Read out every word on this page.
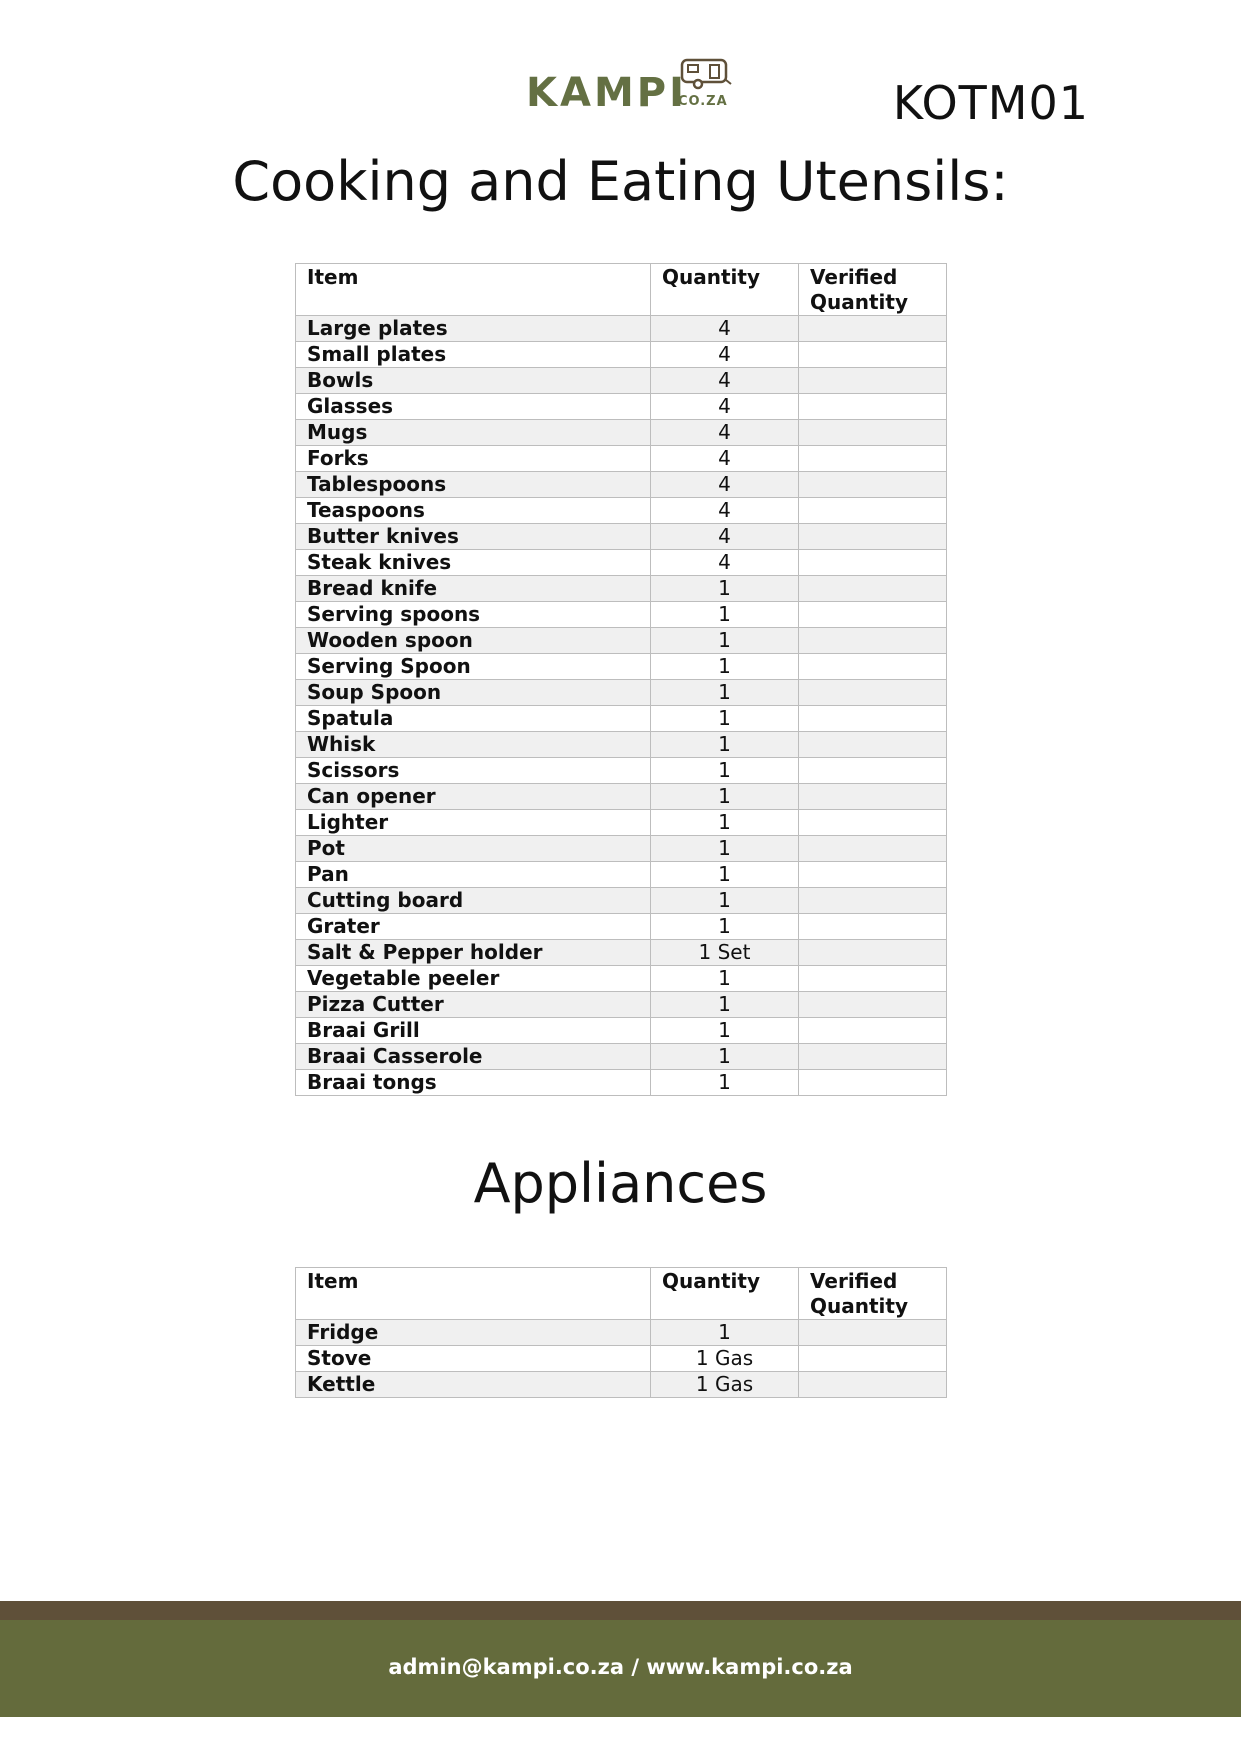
KAMPI
.CO.ZA	KOTM01
Cooking and Eating Utensils:
Item	Quantity	Verified Quantity
Large plates	4	
Small plates	4	
Bowls	4	
Glasses	4	
Mugs	4	
Forks	4	
Tablespoons	4	
Teaspoons	4	
Butter knives	4	
Steak knives	4	
Bread knife	1	
Serving spoons	1	
Wooden spoon	1	
Serving Spoon	1	
Soup Spoon	1	
Spatula	1	
Whisk	1	
Scissors	1	
Can opener	1	
Lighter	1	
Pot	1	
Pan	1	
Cutting board	1	
Grater	1	
Salt & Pepper holder	1 Set	
Vegetable peeler	1	
Pizza Cutter	1	
Braai Grill	1	
Braai Casserole	1	
Braai tongs	1	
Appliances
Item	Quantity	Verified Quantity
Fridge	1	
Stove	1 Gas	
Kettle	1 Gas	
admin@kampi.co.za / www.kampi.co.za
